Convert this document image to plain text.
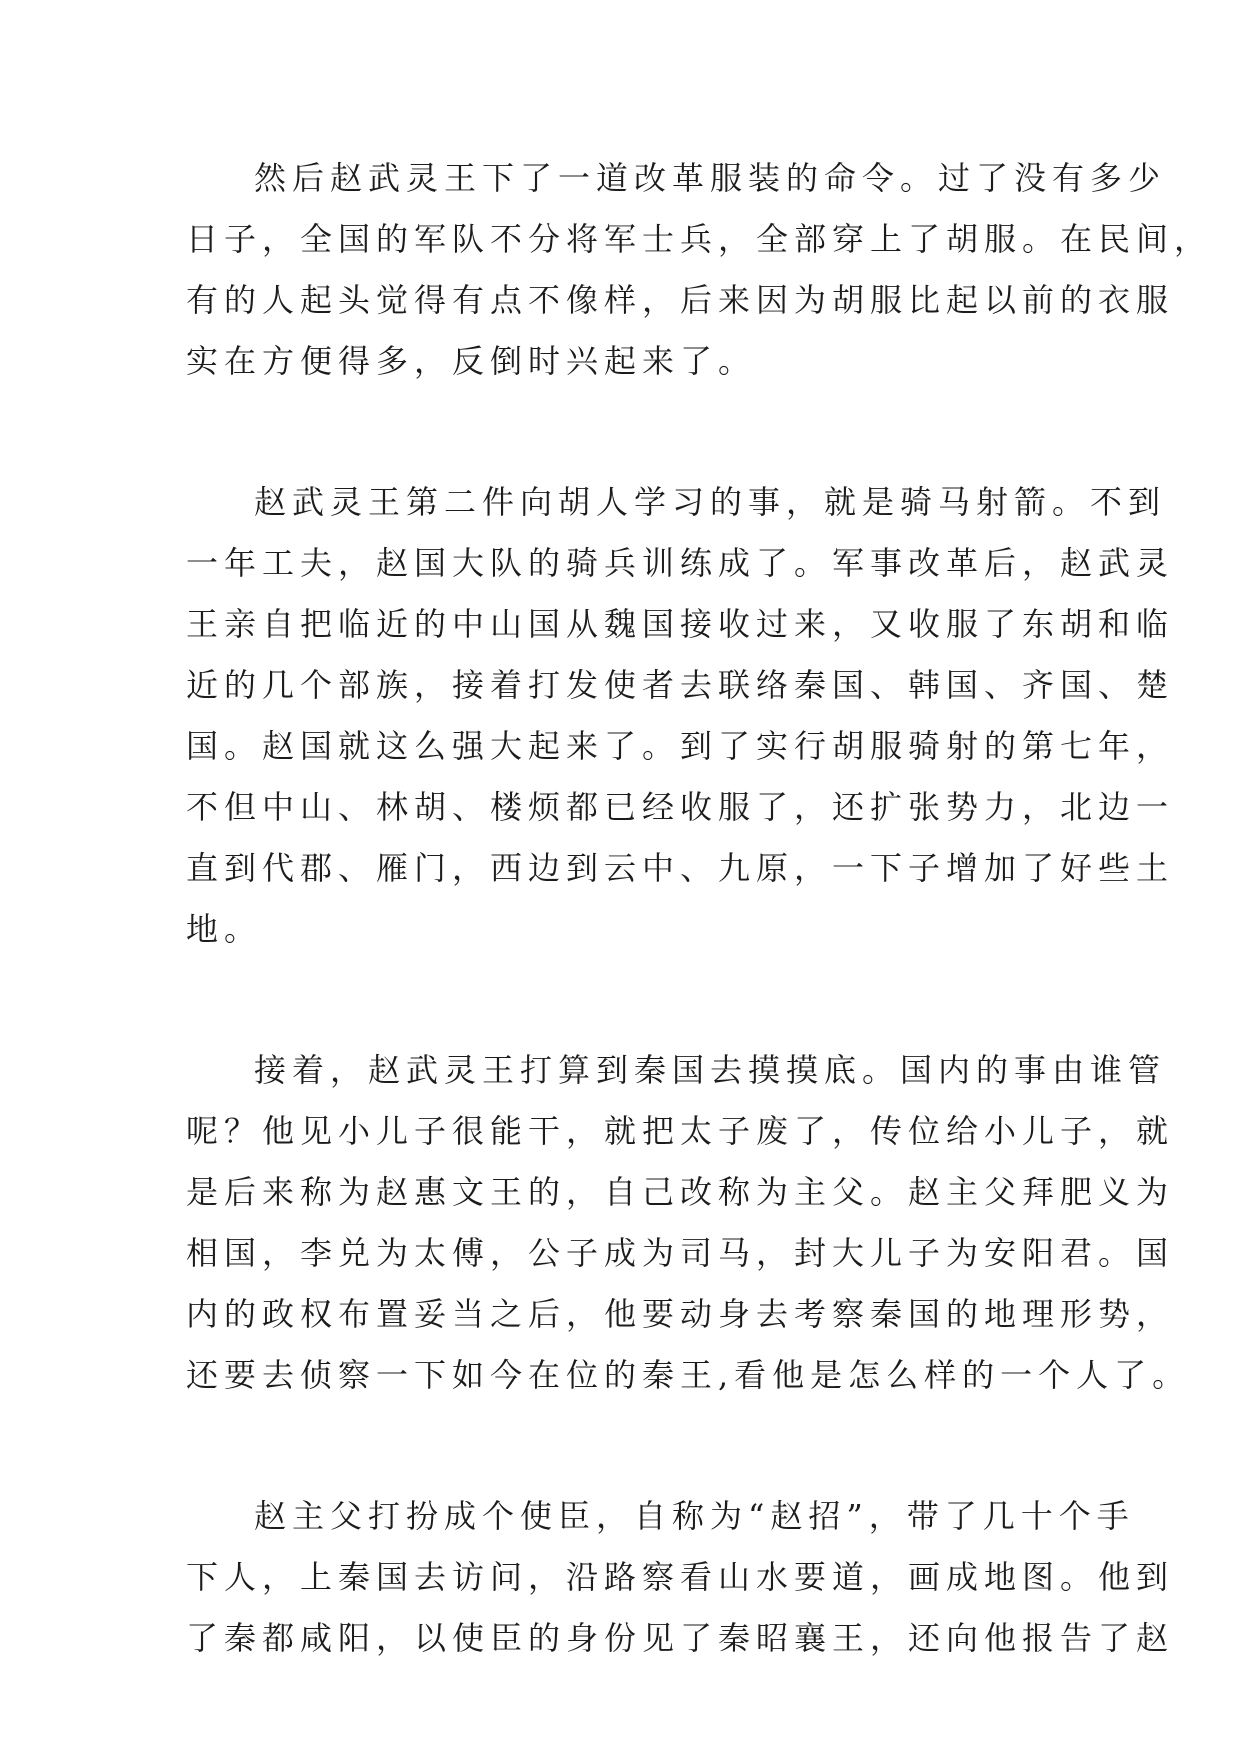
然后赵武灵王下了一道改革服装的命令。过了没有多少
日子，全国的军队不分将军士兵，全部穿上了胡服。在民间，
有的人起头觉得有点不像样，后来因为胡服比起以前的衣服
实在方便得多，反倒时兴起来了。
赵武灵王第二件向胡人学习的事，就是骑马射箭。不到
一年工夫，赵国大队的骑兵训练成了。军事改革后，赵武灵
王亲自把临近的中山国从魏国接收过来，又收服了东胡和临
近的几个部族，接着打发使者去联络秦国、韩国、齐国、楚
国。赵国就这么强大起来了。到了实行胡服骑射的第七年，
不但中山、林胡、楼烦都已经收服了，还扩张势力，北边一
直到代郡、雁门，西边到云中、九原，一下子增加了好些土
地。
接着，赵武灵王打算到秦国去摸摸底。国内的事由谁管
呢？他见小儿子很能干，就把太子废了，传位给小儿子，就
是后来称为赵惠文王的，自己改称为主父。赵主父拜肥义为
相国，李兑为太傅，公子成为司马，封大儿子为安阳君。国
内的政权布置妥当之后，他要动身去考察秦国的地理形势，
还要去侦察一下如今在位的秦王,看他是怎么样的一个人了。
赵主父打扮成个使臣，自称为“赵招”，带了几十个手
下人，上秦国去访问，沿路察看山水要道，画成地图。他到
了秦都咸阳，以使臣的身份见了秦昭襄王，还向他报告了赵
